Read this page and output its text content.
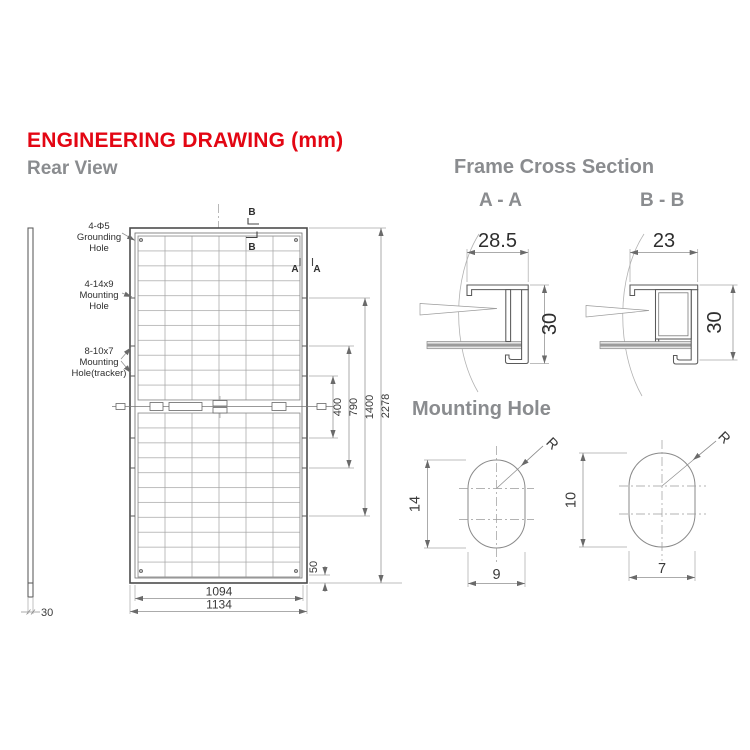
ENGINEERING DRAWING (mm)
Rear View	Frame Cross Section
A - A	B - B
Mounting Hole
30
4-Φ5
Grounding
Hole
4-14x9
Mounting
Hole
8-10x7
Mounting
Hole(tracker)
B
B
A A
400 790 1400 2278
50
1094
1134
28.5
30
23
30
R
14
9
R
10
7
